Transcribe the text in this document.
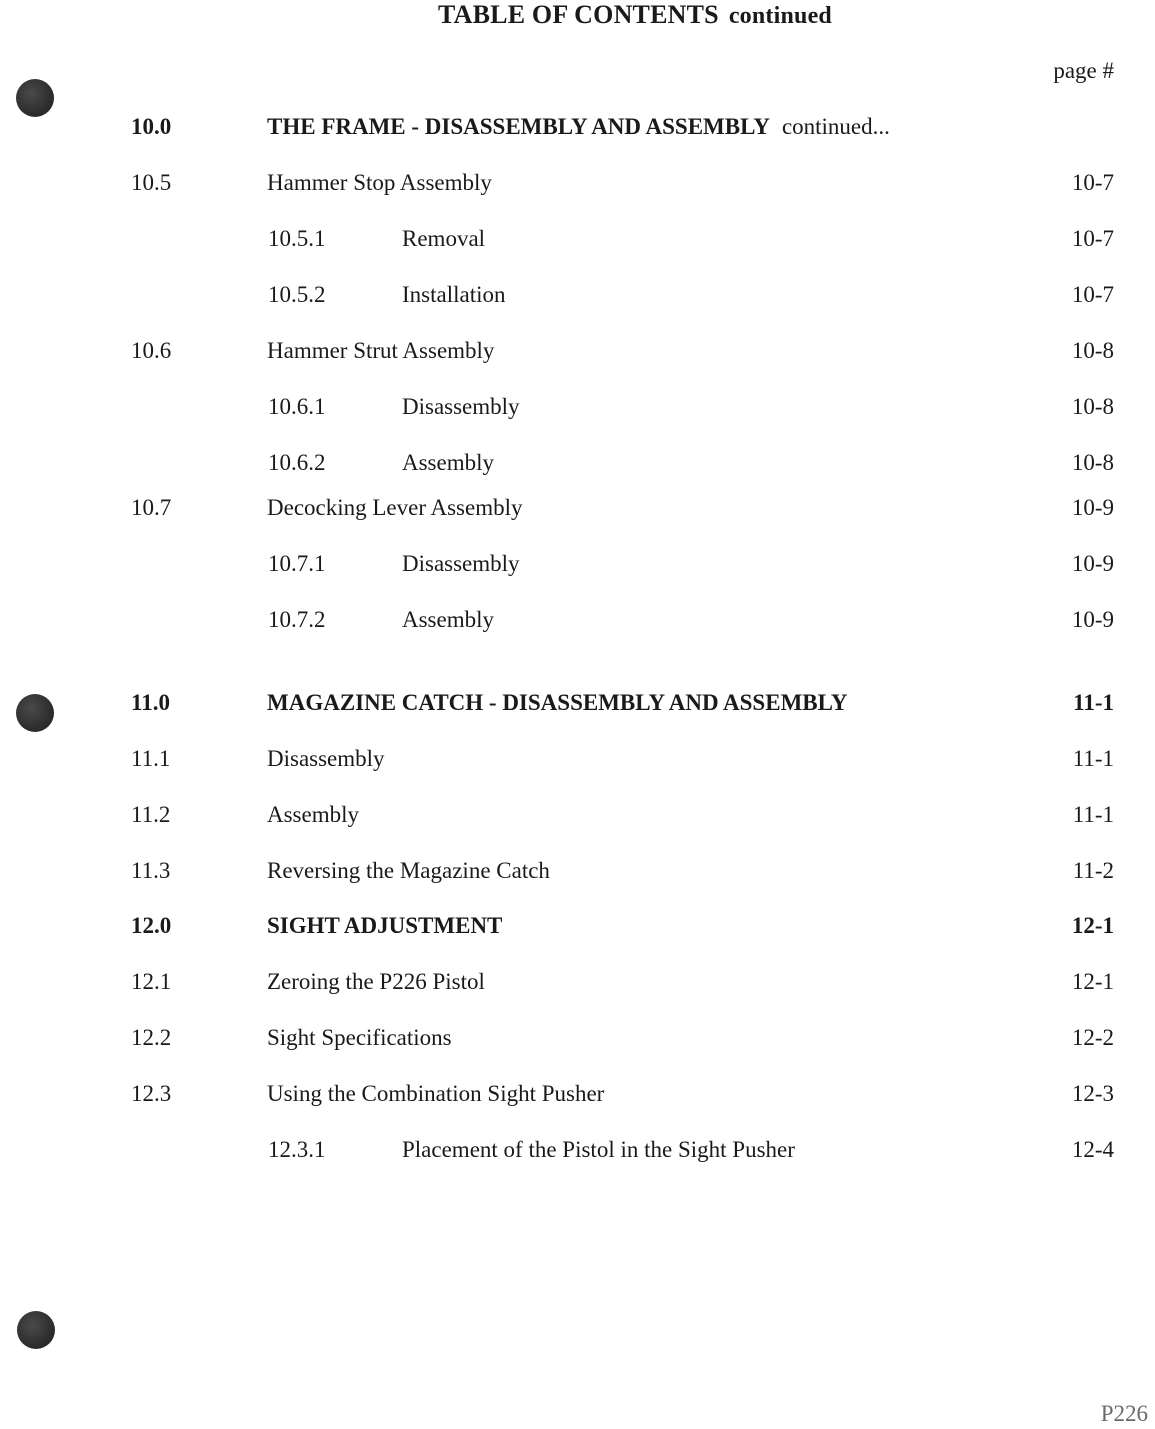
TABLE OF CONTENTS continued
page #
10.0	THE FRAME - DISASSEMBLY AND ASSEMBLY continued...
10.5	Hammer Stop Assembly	10-7
10.5.1	Removal	10-7
10.5.2	Installation	10-7
10.6	Hammer Strut Assembly	10-8
10.6.1	Disassembly	10-8
10.6.2	Assembly	10-8
10.7	Decocking Lever Assembly	10-9
10.7.1	Disassembly	10-9
10.7.2	Assembly	10-9
11.0	MAGAZINE CATCH - DISASSEMBLY AND ASSEMBLY	11-1
11.1	Disassembly	11-1
11.2	Assembly	11-1
11.3	Reversing the Magazine Catch	11-2
12.0	SIGHT ADJUSTMENT	12-1
12.1	Zeroing the P226 Pistol	12-1
12.2	Sight Specifications	12-2
12.3	Using the Combination Sight Pusher	12-3
12.3.1	Placement of the Pistol in the Sight Pusher	12-4
P226
